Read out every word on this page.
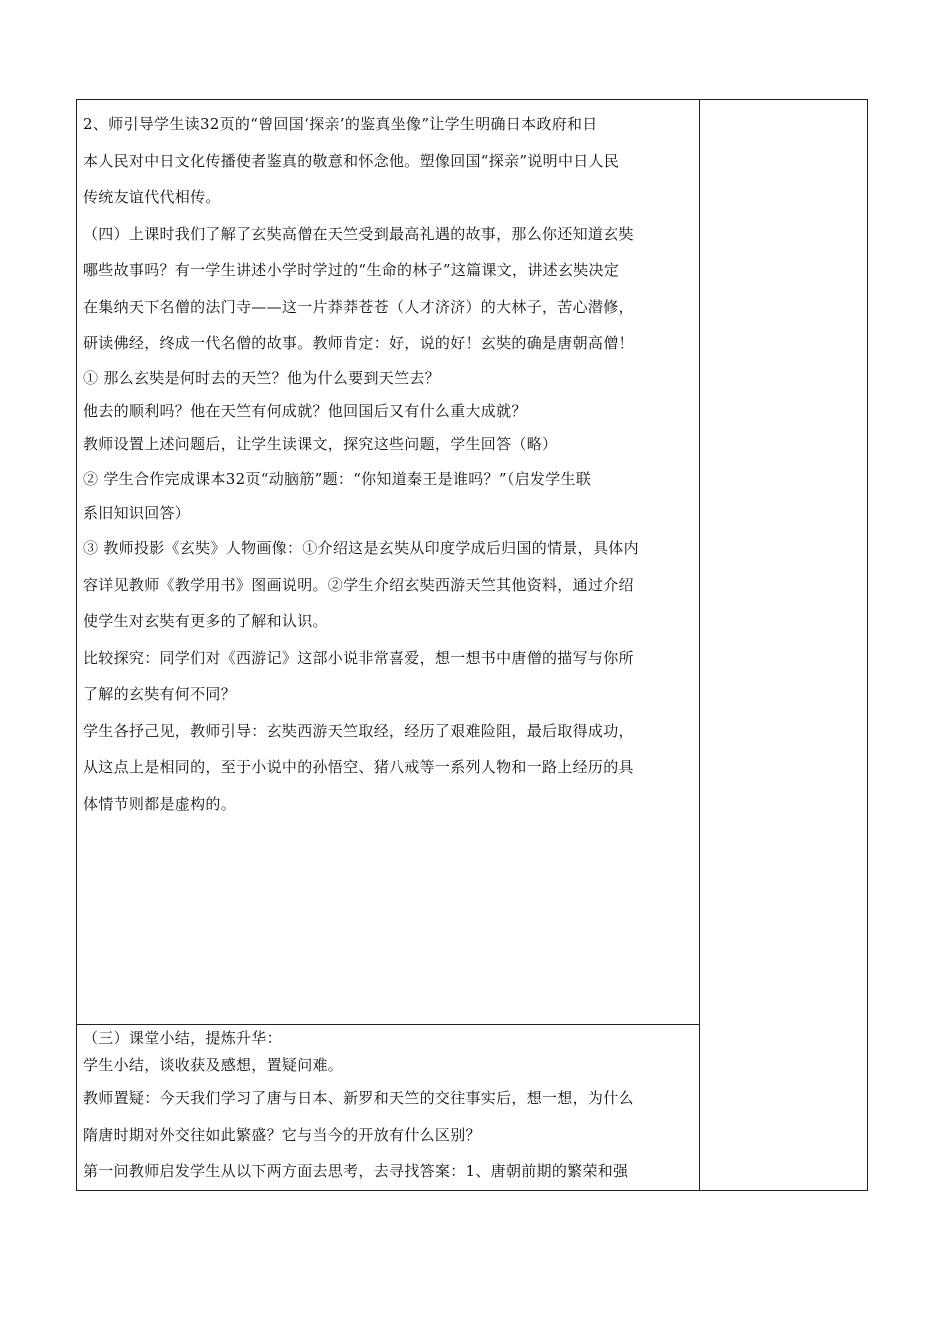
2、师引导学生读32页的“曾回国‘探亲’的鉴真坐像”让学生明确日本政府和日

本人民对中日文化传播使者鉴真的敬意和怀念他。塑像回国“探亲”说明中日人民

传统友谊代代相传。

（四）上课时我们了解了玄奘高僧在天竺受到最高礼遇的故事，那么你还知道玄奘

哪些故事吗？有一学生讲述小学时学过的“生命的林子”这篇课文，讲述玄奘决定

在集纳天下名僧的法门寺——这一片莽莽苍苍（人才济济）的大林子，苦心潜修，

研读佛经，终成一代名僧的故事。教师肯定：好，说的好！玄奘的确是唐朝高僧！

① 那么玄奘是何时去的天竺？他为什么要到天竺去？

他去的顺利吗？他在天竺有何成就？他回国后又有什么重大成就？

教师设置上述问题后，让学生读课文，探究这些问题，学生回答（略）

② 学生合作完成课本32页“动脑筋”题：“你知道秦王是谁吗？”（启发学生联

系旧知识回答）

③ 教师投影《玄奘》人物画像：①介绍这是玄奘从印度学成后归国的情景，具体内

容详见教师《教学用书》图画说明。②学生介绍玄奘西游天竺其他资料，通过介绍

使学生对玄奘有更多的了解和认识。

比较探究：同学们对《西游记》这部小说非常喜爱，想一想书中唐僧的描写与你所

了解的玄奘有何不同？

学生各抒己见，教师引导：玄奘西游天竺取经，经历了艰难险阻，最后取得成功，

从这点上是相同的，至于小说中的孙悟空、猪八戒等一系列人物和一路上经历的具

体情节则都是虚构的。

（三）课堂小结，提炼升华：

学生小结，谈收获及感想，置疑问难。

教师置疑：今天我们学习了唐与日本、新罗和天竺的交往事实后，想一想，为什么

隋唐时期对外交往如此繁盛？它与当今的开放有什么区别？

第一问教师启发学生从以下两方面去思考，去寻找答案：1、唐朝前期的繁荣和强
